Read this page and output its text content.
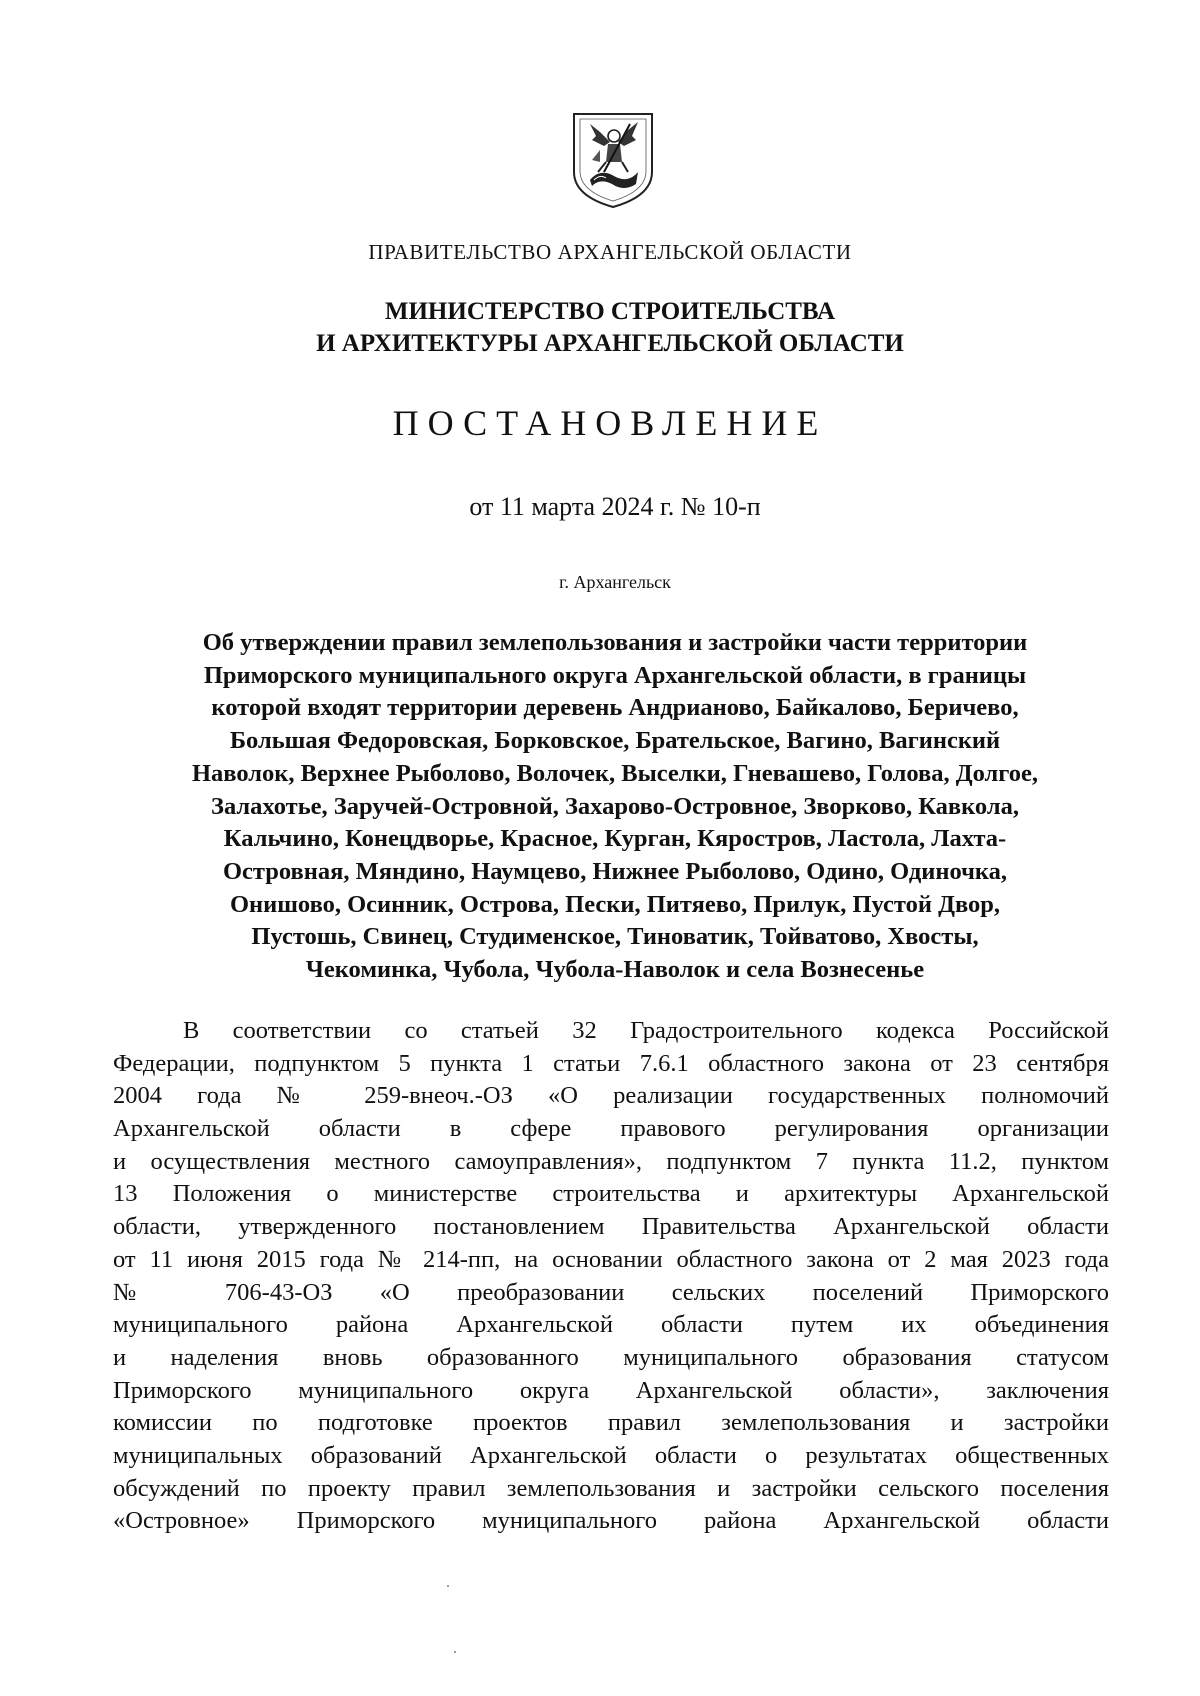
ПРАВИТЕЛЬСТВО АРХАНГЕЛЬСКОЙ ОБЛАСТИ
МИНИСТЕРСТВО СТРОИТЕЛЬСТВА
И АРХИТЕКТУРЫ АРХАНГЕЛЬСКОЙ ОБЛАСТИ
ПОСТАНОВЛЕНИЕ
от 11 марта 2024 г. № 10-п
г. Архангельск
Об утверждении правил землепользования и застройки части территории
Приморского муниципального округа Архангельской области, в границы
которой входят территории деревень Андрианово, Байкалово, Беричево,
Большая Федоровская, Борковское, Брательское, Вагино, Вагинский
Наволок, Верхнее Рыболово, Волочек, Выселки, Гневашево, Голова, Долгое,
Залахотье, Заручей-Островной, Захарово-Островное, Зворково, Кавкола,
Кальчино, Конецдворье, Красное, Курган, Кяростров, Ластола, Лахта-
Островная, Мяндино, Наумцево, Нижнее Рыболово, Одино, Одиночка,
Онишово, Осинник, Острова, Пески, Питяево, Прилук, Пустой Двор,
Пустошь, Свинец, Студименское, Тиноватик, Тойватово, Хвосты,
Чекоминка, Чубола, Чубола-Наволок и села Вознесенье
В соответствии со статьей 32 Градостроительного кодекса Российской
Федерации, подпунктом 5 пункта 1 статьи 7.6.1 областного закона от 23 сентября
2004 года № 259-внеоч.-ОЗ «О реализации государственных полномочий
Архангельской области в сфере правового регулирования организации
и осуществления местного самоуправления», подпунктом 7 пункта 11.2, пунктом
13 Положения о министерстве строительства и архитектуры Архангельской
области, утвержденного постановлением Правительства Архангельской области
от 11 июня 2015 года № 214-пп, на основании областного закона от 2 мая 2023 года
№ 706-43-ОЗ «О преобразовании сельских поселений Приморского
муниципального района Архангельской области путем их объединения
и наделения вновь образованного муниципального образования статусом
Приморского муниципального округа Архангельской области», заключения
комиссии по подготовке проектов правил землепользования и застройки
муниципальных образований Архангельской области о результатах общественных
обсуждений по проекту правил землепользования и застройки сельского поселения
«Островное» Приморского муниципального района Архангельской области
